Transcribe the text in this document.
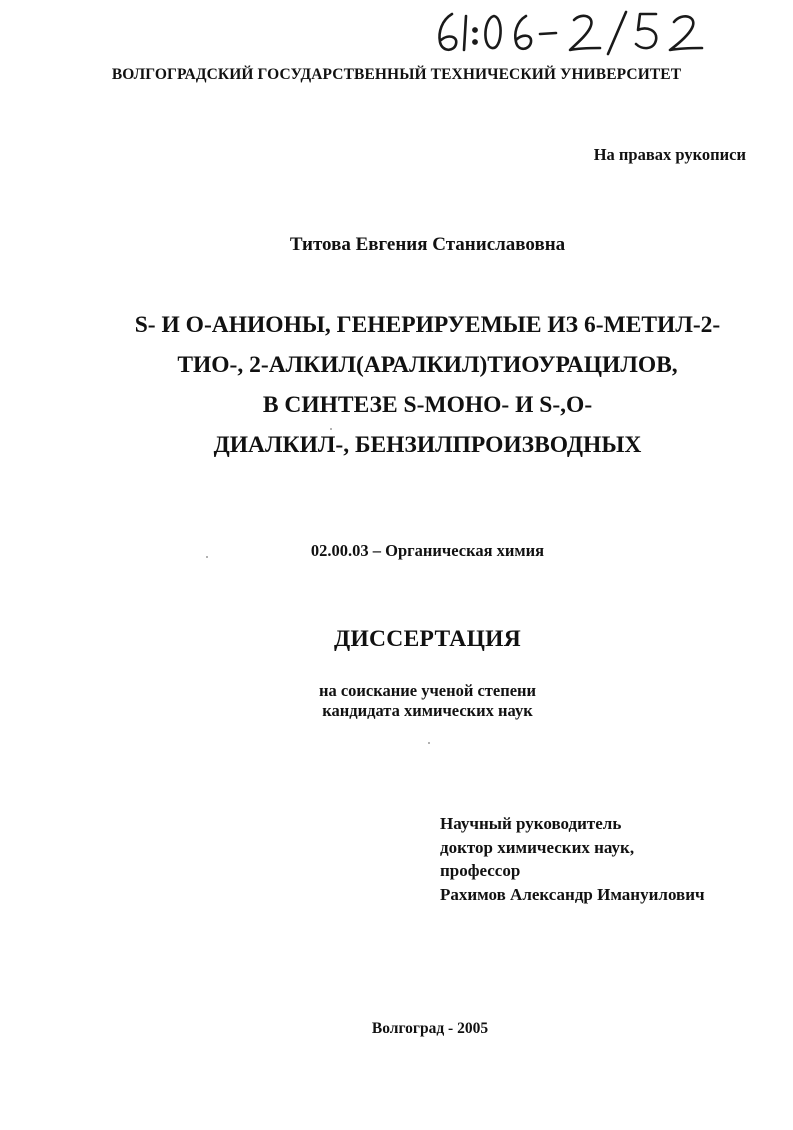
ВОЛГОГРАДСКИЙ ГОСУДАРСТВЕННЫЙ ТЕХНИЧЕСКИЙ УНИВЕРСИТЕТ
На правах рукописи
Титова Евгения Станиславовна
S- И О-АНИОНЫ, ГЕНЕРИРУЕМЫЕ ИЗ 6-МЕТИЛ-2-
ТИО-, 2-АЛКИЛ(АРАЛКИЛ)ТИОУРАЦИЛОВ,
В СИНТЕЗЕ S-МОНО- И S-,О-
ДИАЛКИЛ-, БЕНЗИЛПРОИЗВОДНЫХ
02.00.03 – Органическая химия
ДИССЕРТАЦИЯ
на соискание ученой степени
кандидата химических наук
Научный руководитель
доктор химических наук,
профессор
Рахимов Александр Имануилович
Волгоград - 2005
